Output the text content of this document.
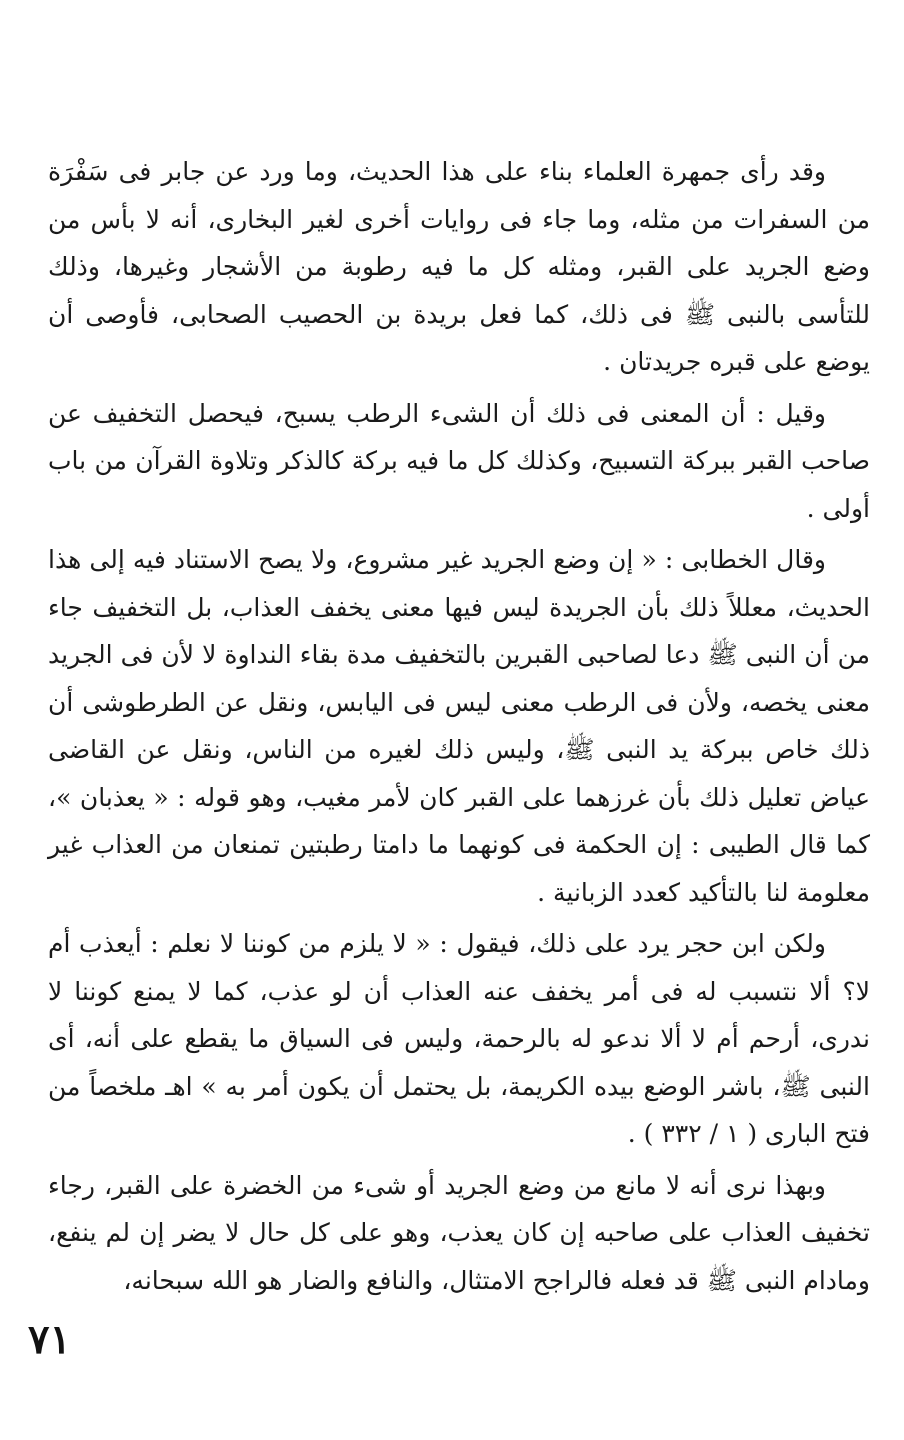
وقد رأى جمهرة العلماء بناء على هذا الحديث، وما ورد عن جابر فى سَفْرَة من السفرات من مثله، وما جاء فى روايات أخرى لغير البخارى، أنه لا بأس من وضع الجريد على القبر، ومثله كل ما فيه رطوبة من الأشجار وغيرها، وذلك للتأسى بالنبى ﷺ فى ذلك، كما فعل بريدة بن الحصيب الصحابى، فأوصى أن يوضع على قبره جريدتان .

وقيل : أن المعنى فى ذلك أن الشىء الرطب يسبح، فيحصل التخفيف عن صاحب القبر ببركة التسبيح، وكذلك كل ما فيه بركة كالذكر وتلاوة القرآن من باب أولى .

وقال الخطابى : « إن وضع الجريد غير مشروع، ولا يصح الاستناد فيه إلى هذا الحديث، معللاً ذلك بأن الجريدة ليس فيها معنى يخفف العذاب، بل التخفيف جاء من أن النبى ﷺ دعا لصاحبى القبرين بالتخفيف مدة بقاء النداوة لا لأن فى الجريد معنى يخصه، ولأن فى الرطب معنى ليس فى اليابس، ونقل عن الطرطوشى أن ذلك خاص ببركة يد النبى ﷺ، وليس ذلك لغيره من الناس، ونقل عن القاضى عياض تعليل ذلك بأن غرزهما على القبر كان لأمر مغيب، وهو قوله : « يعذبان »، كما قال الطيبى : إن الحكمة فى كونهما ما دامتا رطبتين تمنعان من العذاب غير معلومة لنا بالتأكيد كعدد الزبانية .

ولكن ابن حجر يرد على ذلك، فيقول : « لا يلزم من كوننا لا نعلم : أيعذب أم لا؟ ألا نتسبب له فى أمر يخفف عنه العذاب أن لو عذب، كما لا يمنع كوننا لا ندرى، أرحم أم لا ألا ندعو له بالرحمة، وليس فى السياق ما يقطع على أنه، أى النبى ﷺ، باشر الوضع بيده الكريمة، بل يحتمل أن يكون أمر به » اهـ ملخصاً من فتح البارى ( ١ / ٣٣٢ ) .

وبهذا نرى أنه لا مانع من وضع الجريد أو شىء من الخضرة على القبر، رجاء تخفيف العذاب على صاحبه إن كان يعذب، وهو على كل حال لا يضر إن لم ينفع، ومادام النبى ﷺ قد فعله فالراجح الامتثال، والنافع والضار هو الله سبحانه،

٧١
